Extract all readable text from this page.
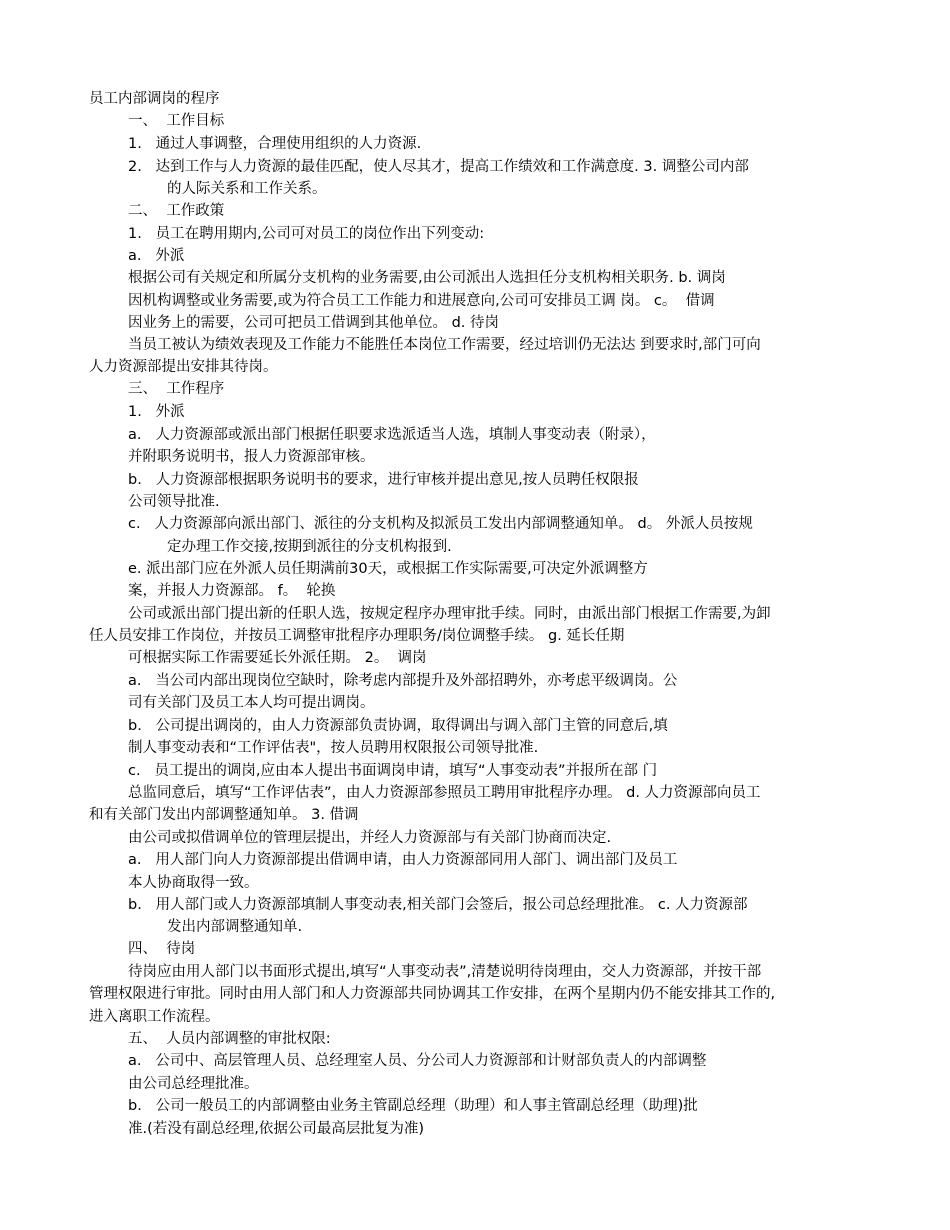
员工内部调岗的程序
一、  工作目标
1.   通过人事调整，合理使用组织的人力资源.
2.   达到工作与人力资源的最佳匹配，使人尽其才，提高工作绩效和工作满意度. 3. 调整公司内部
的人际关系和工作关系。
二、  工作政策
1.   员工在聘用期内,公司可对员工的岗位作出下列变动:
a.   外派
根据公司有关规定和所属分支机构的业务需要,由公司派出人选担任分支机构相关职务. b. 调岗
因机构调整或业务需要,或为符合员工工作能力和进展意向,公司可安排员工调 岗。 c。  借调
因业务上的需要，公司可把员工借调到其他单位。 d. 待岗
当员工被认为绩效表现及工作能力不能胜任本岗位工作需要，经过培训仍无法达 到要求时,部门可向
人力资源部提出安排其待岗。
三、  工作程序
1.   外派
a.   人力资源部或派出部门根据任职要求选派适当人选，填制人事变动表（附录），
并附职务说明书，报人力资源部审核。
b.   人力资源部根据职务说明书的要求，进行审核并提出意见,按人员聘任权限报
公司领导批准.
c.   人力资源部向派出部门、派往的分支机构及拟派员工发出内部调整通知单。 d。 外派人员按规
定办理工作交接,按期到派往的分支机构报到.
e. 派出部门应在外派人员任期满前30天，或根据工作实际需要,可决定外派调整方
案，并报人力资源部。 f。  轮换
公司或派出部门提出新的任职人选，按规定程序办理审批手续。同时，由派出部门根据工作需要,为卸
任人员安排工作岗位，并按员工调整审批程序办理职务/岗位调整手续。 g. 延长任期
可根据实际工作需要延长外派任期。 2。  调岗
a.   当公司内部出现岗位空缺时，除考虑内部提升及外部招聘外，亦考虑平级调岗。公
司有关部门及员工本人均可提出调岗。
b.   公司提出调岗的，由人力资源部负责协调，取得调出与调入部门主管的同意后,填
制人事变动表和“工作评估表"，按人员聘用权限报公司领导批准.
c.   员工提出的调岗,应由本人提出书面调岗申请，填写“人事变动表”并报所在部 门
总监同意后，填写“工作评估表”，由人力资源部参照员工聘用审批程序办理。 d. 人力资源部向员工
和有关部门发出内部调整通知单。 3. 借调
由公司或拟借调单位的管理层提出，并经人力资源部与有关部门协商而决定.
a.   用人部门向人力资源部提出借调申请，由人力资源部同用人部门、调出部门及员工
本人协商取得一致。
b.   用人部门或人力资源部填制人事变动表,相关部门会签后，报公司总经理批准。 c. 人力资源部
发出内部调整通知单.
四、  待岗
待岗应由用人部门以书面形式提出,填写“人事变动表”,清楚说明待岗理由，交人力资源部，并按干部
管理权限进行审批。同时由用人部门和人力资源部共同协调其工作安排，在两个星期内仍不能安排其工作的,
进入离职工作流程。
五、  人员内部调整的审批权限:
a.   公司中、高层管理人员、总经理室人员、分公司人力资源部和计财部负责人的内部调整
由公司总经理批准。
b.   公司一般员工的内部调整由业务主管副总经理（助理）和人事主管副总经理（助理)批
准.(若没有副总经理,依据公司最高层批复为准)
